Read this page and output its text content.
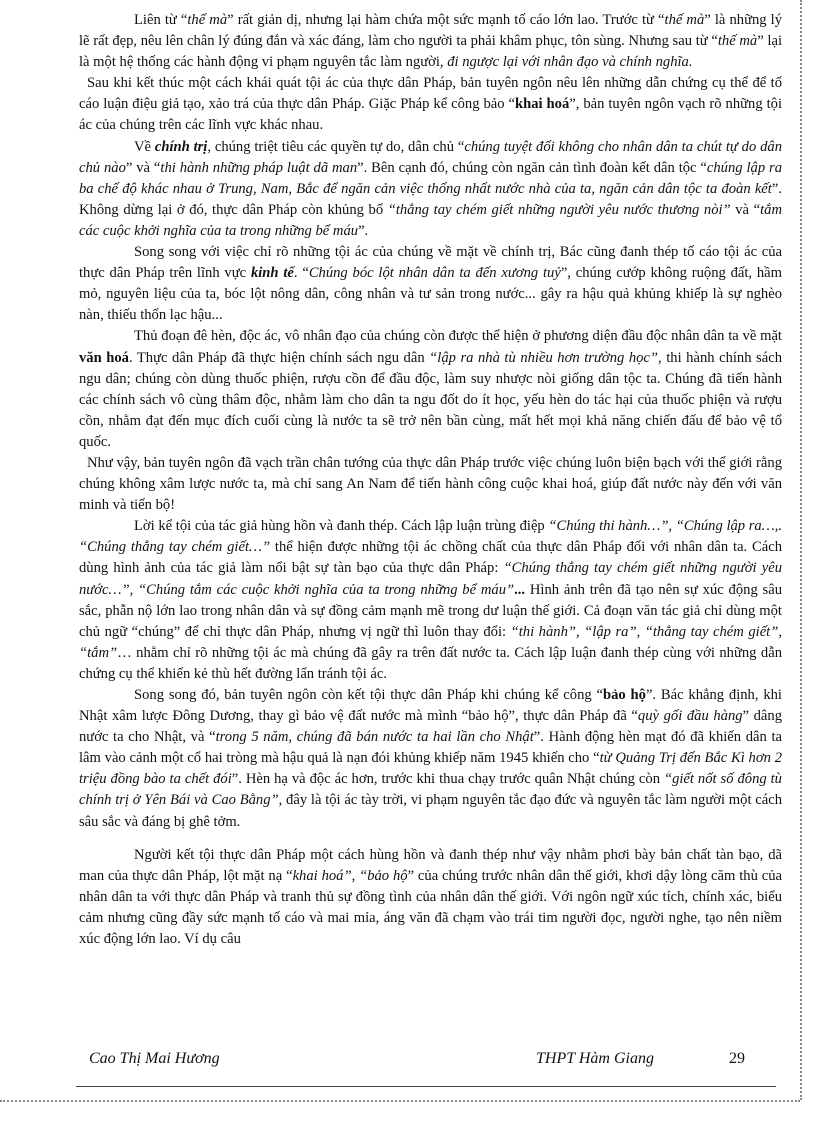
Liên từ “thế mà” rất giản dị, nhưng lại hàm chứa một sức mạnh tố cáo lớn lao. Trước từ “thế mà” là những lý lẽ rất đẹp, nêu lên chân lý đúng đắn và xác đáng, làm cho người ta phải khâm phục, tôn sùng. Nhưng sau từ “thế mà” lại là một hệ thống các hành động vi phạm nguyên tắc làm người, đi ngược lại với nhân đạo và chính nghĩa.

Sau khi kết thúc một cách khái quát tội ác của thực dân Pháp, bản tuyên ngôn nêu lên những dẫn chứng cụ thể để tố cáo luận điệu giả tạo, xảo trá của thực dân Pháp. Giặc Pháp kể công bảo “khai hoá”, bản tuyên ngôn vạch rõ những tội ác của chúng trên các lĩnh vực khác nhau.

Về chính trị, chúng triệt tiêu các quyền tự do, dân chủ “chúng tuyệt đối không cho nhân dân ta chút tự do dân chủ nào” và “thi hành những pháp luật dã man”. Bên cạnh đó, chúng còn ngăn cản tình đoàn kết dân tộc “chúng lập ra ba chế độ khác nhau ở Trung, Nam, Bắc để ngăn cản việc thống nhất nước nhà của ta, ngăn cản dân tộc ta đoàn kết”. Không dừng lại ở đó, thực dân Pháp còn khủng bố “thẳng tay chém giết những người yêu nước thương nòi” và “tắm các cuộc khởi nghĩa của ta trong những bể máu”.

Song song với việc chỉ rõ những tội ác của chúng về mặt về chính trị, Bác cũng đanh thép tố cáo tội ác của thực dân Pháp trên lĩnh vực kinh tế. “Chúng bóc lột nhân dân ta đến xương tuỷ”, chúng cướp không ruộng đất, hầm mỏ, nguyên liệu của ta, bóc lột nông dân, công nhân và tư sản trong nước... gây ra hậu quả khủng khiếp là sự nghèo nàn, thiếu thốn lạc hậu...

Thủ đoạn đê hèn, độc ác, vô nhân đạo của chúng còn được thể hiện ở phương diện đầu độc nhân dân ta về mặt văn hoá. Thực dân Pháp đã thực hiện chính sách ngu dân “lập ra nhà tù nhiều hơn trường học”, thi hành chính sách ngu dân; chúng còn dùng thuốc phiện, rượu cồn để đầu độc, làm suy nhược nòi giống dân tộc ta. Chúng đã tiến hành các chính sách vô cùng thâm độc, nhằm làm cho dân ta ngu đốt do ít học, yếu hèn do tác hại của thuốc phiện và rượu cồn, nhằm đạt đến mục đích cuối cùng là nước ta sẽ trở nên bần cùng, mất hết mọi khả năng chiến đấu để bảo vệ tổ quốc.

Như vậy, bản tuyên ngôn đã vạch trần chân tướng của thực dân Pháp trước việc chúng luôn biện bạch với thế giới rằng chúng không xâm lược nước ta, mà chỉ sang An Nam để tiến hành công cuộc khai hoá, giúp đất nước này đến với văn minh và tiến bộ!

Lời kể tội của tác giả hùng hồn và đanh thép. Cách lập luận trùng điệp “Chúng thi hành…”, “Chúng lập ra…,. “Chúng thẳng tay chém giết…” thể hiện được những tội ác chồng chất của thực dân Pháp đối với nhân dân ta. Cách dùng hình ảnh của tác giả làm nổi bật sự tàn bạo của thực dân Pháp: “Chúng thẳng tay chém giết những người yêu nước…”, “Chúng tắm các cuộc khởi nghĩa của ta trong những bể máu”... Hình ảnh trên đã tạo nên sự xúc động sâu sắc, phẫn nộ lớn lao trong nhân dân và sự đồng cảm mạnh mẽ trong dư luận thế giới. Cả đoạn văn tác giả chỉ dùng một chủ ngữ “chúng” để chỉ thực dân Pháp, nhưng vị ngữ thì luôn thay đổi: “thi hành”, “lập ra”, “thẳng tay chém giết”, “tắm”… nhằm chỉ rõ những tội ác mà chúng đã gây ra trên đất nước ta. Cách lập luận đanh thép cùng với những dẫn chứng cụ thể khiến kẻ thù hết đường lẩn tránh tội ác.

Song song đó, bản tuyên ngôn còn kết tội thực dân Pháp khi chúng kể công “bảo hộ”. Bác khẳng định, khi Nhật xâm lược Đông Dương, thay gì bảo vệ đất nước mà mình “bảo hộ”, thực dân Pháp đã “quỳ gối đầu hàng” dâng nước ta cho Nhật, và “trong 5 năm, chúng đã bán nước ta hai lần cho Nhật”. Hành động hèn mạt đó đã khiến dân ta lâm vào cảnh một cổ hai tròng mà hậu quả là nạn đói khủng khiếp năm 1945 khiến cho “từ Quảng Trị đến Bắc Kì hơn 2 triệu đồng bào ta chết đói”. Hèn hạ và độc ác hơn, trước khi thua chạy trước quân Nhật chúng còn “giết nốt số đông tù chính trị ở Yên Bái và Cao Bằng”, đây là tội ác tày trời, vi phạm nguyên tắc đạo đức và nguyên tắc làm người một cách sâu sắc và đáng bị ghê tởm.

Người kết tội thực dân Pháp một cách hùng hồn và đanh thép như vậy nhằm phơi bày bản chất tàn bạo, dã man của thực dân Pháp, lột mặt nạ “khai hoá”, “bảo hộ” của chúng trước nhân dân thế giới, khơi dậy lòng căm thù của nhân dân ta với thực dân Pháp và tranh thủ sự đồng tình của nhân dân thế giới. Với ngôn ngữ xúc tích, chính xác, biểu cảm nhưng cũng đầy sức mạnh tố cáo và mai mỉa, áng văn đã chạm vào trái tim người đọc, người nghe, tạo nên niềm xúc động lớn lao. Ví dụ câu

Cao Thị Mai Hương	THPT Hàm Giang	29
